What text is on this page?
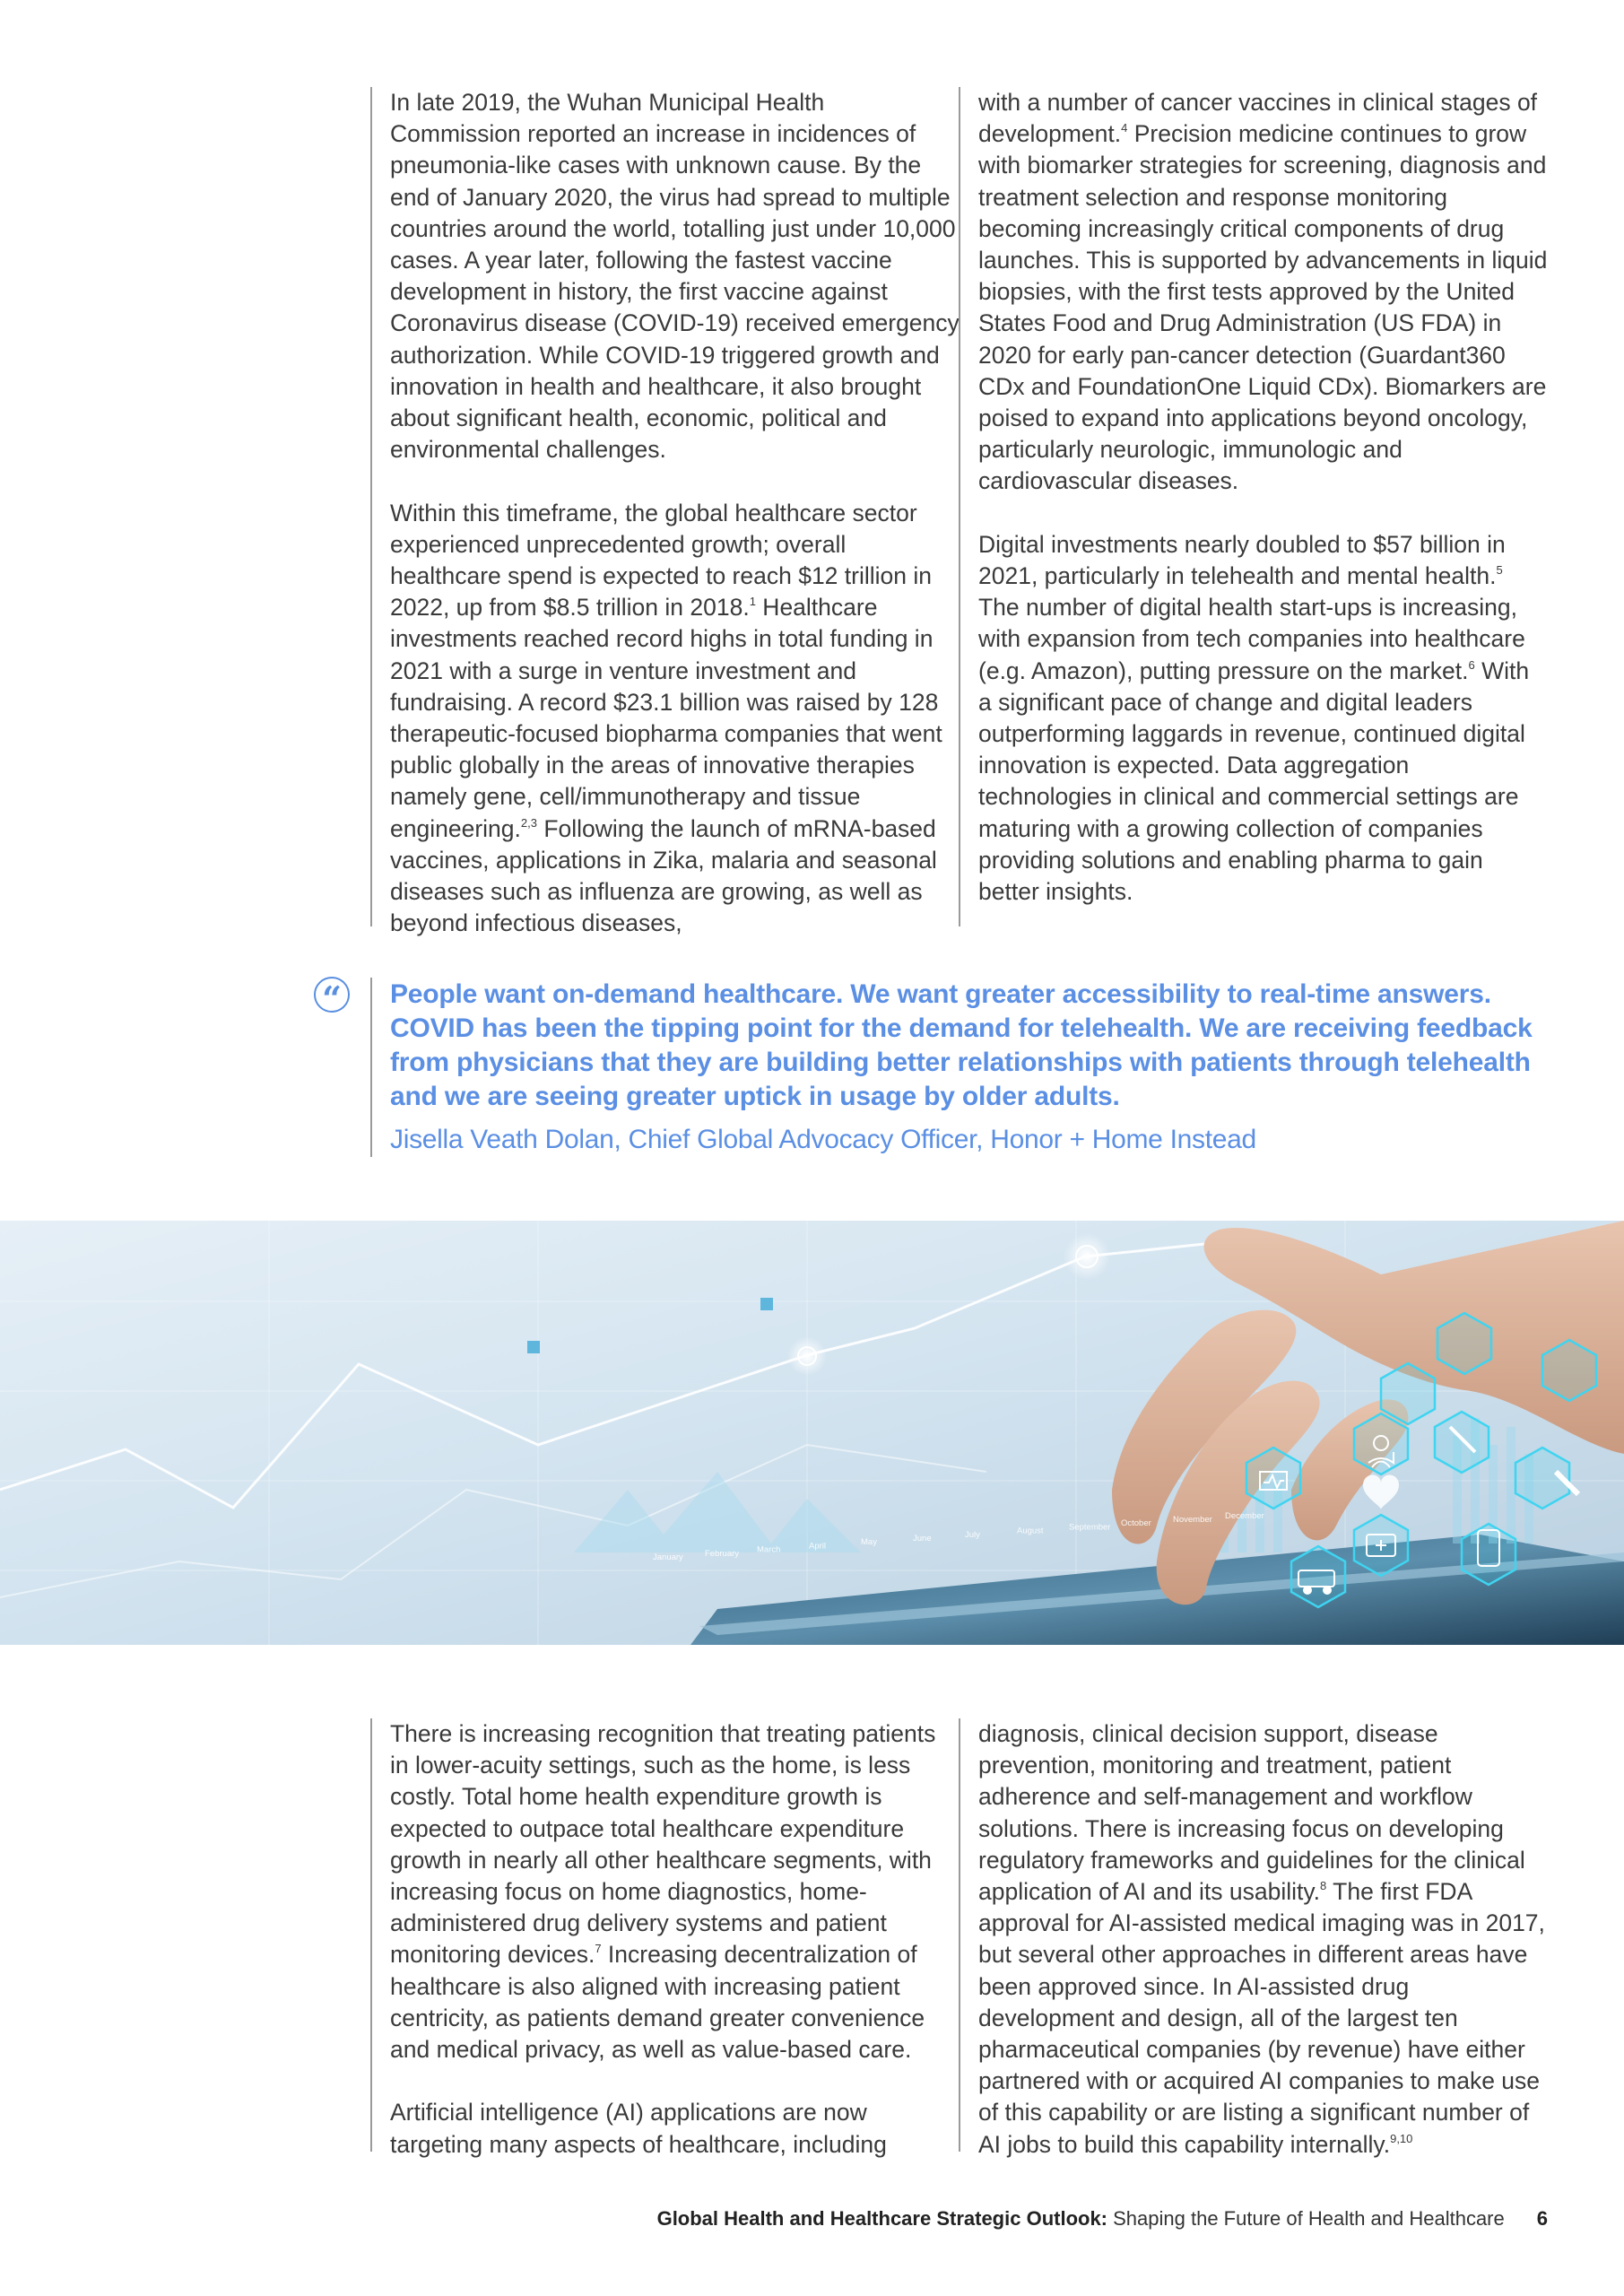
In late 2019, the Wuhan Municipal Health Commission reported an increase in incidences of pneumonia-like cases with unknown cause. By the end of January 2020, the virus had spread to multiple countries around the world, totalling just under 10,000 cases. A year later, following the fastest vaccine development in history, the first vaccine against Coronavirus disease (COVID-19) received emergency authorization. While COVID-19 triggered growth and innovation in health and healthcare, it also brought about significant health, economic, political and environmental challenges.

Within this timeframe, the global healthcare sector experienced unprecedented growth; overall healthcare spend is expected to reach $12 trillion in 2022, up from $8.5 trillion in 2018.$^1$ Healthcare investments reached record highs in total funding in 2021 with a surge in venture investment and fundraising. A record $23.1 billion was raised by 128 therapeutic-focused biopharma companies that went public globally in the areas of innovative therapies namely gene, cell/immunotherapy and tissue engineering.$^{2,3}$ Following the launch of mRNA-based vaccines, applications in Zika, malaria and seasonal diseases such as influenza are growing, as well as beyond infectious diseases,

with a number of cancer vaccines in clinical stages of development.$^4$ Precision medicine continues to grow with biomarker strategies for screening, diagnosis and treatment selection and response monitoring becoming increasingly critical components of drug launches. This is supported by advancements in liquid biopsies, with the first tests approved by the United States Food and Drug Administration (US FDA) in 2020 for early pan-cancer detection (Guardant360 CDx and FoundationOne Liquid CDx). Biomarkers are poised to expand into applications beyond oncology, particularly neurologic, immunologic and cardiovascular diseases.

Digital investments nearly doubled to $57 billion in 2021, particularly in telehealth and mental health.$^5$ The number of digital health start-ups is increasing, with expansion from tech companies into healthcare (e.g. Amazon), putting pressure on the market.$^6$ With a significant pace of change and digital leaders outperforming laggards in revenue, continued digital innovation is expected. Data aggregation technologies in clinical and commercial settings are maturing with a growing collection of companies providing solutions and enabling pharma to gain better insights.

“	People want on-demand healthcare. We want greater accessibility to real-time answers. COVID has been the tipping point for the demand for telehealth. We are receiving feedback from physicians that they are building better relationships with patients through telehealth and we are seeing greater uptick in usage by older adults.

Jisella Veath Dolan, Chief Global Advocacy Officer, Honor + Home Instead

January	February March	April	May	June	July	August	September October	November December

There is increasing recognition that treating patients in lower-acuity settings, such as the home, is less costly. Total home health expenditure growth is expected to outpace total healthcare expenditure growth in nearly all other healthcare segments, with increasing focus on home diagnostics, home-administered drug delivery systems and patient monitoring devices.$^7$ Increasing decentralization of healthcare is also aligned with increasing patient centricity, as patients demand greater convenience and medical privacy, as well as value-based care.

Artificial intelligence (AI) applications are now targeting many aspects of healthcare, including

diagnosis, clinical decision support, disease prevention, monitoring and treatment, patient adherence and self-management and workflow solutions. There is increasing focus on developing regulatory frameworks and guidelines for the clinical application of AI and its usability.$^8$ The first FDA approval for AI-assisted medical imaging was in 2017, but several other approaches in different areas have been approved since. In AI-assisted drug development and design, all of the largest ten pharmaceutical companies (by revenue) have either partnered with or acquired AI companies to make use of this capability or are listing a significant number of AI jobs to build this capability internally.$^{9,10}$

Global Health and Healthcare Strategic Outlook: Shaping the Future of Health and Healthcare 6
